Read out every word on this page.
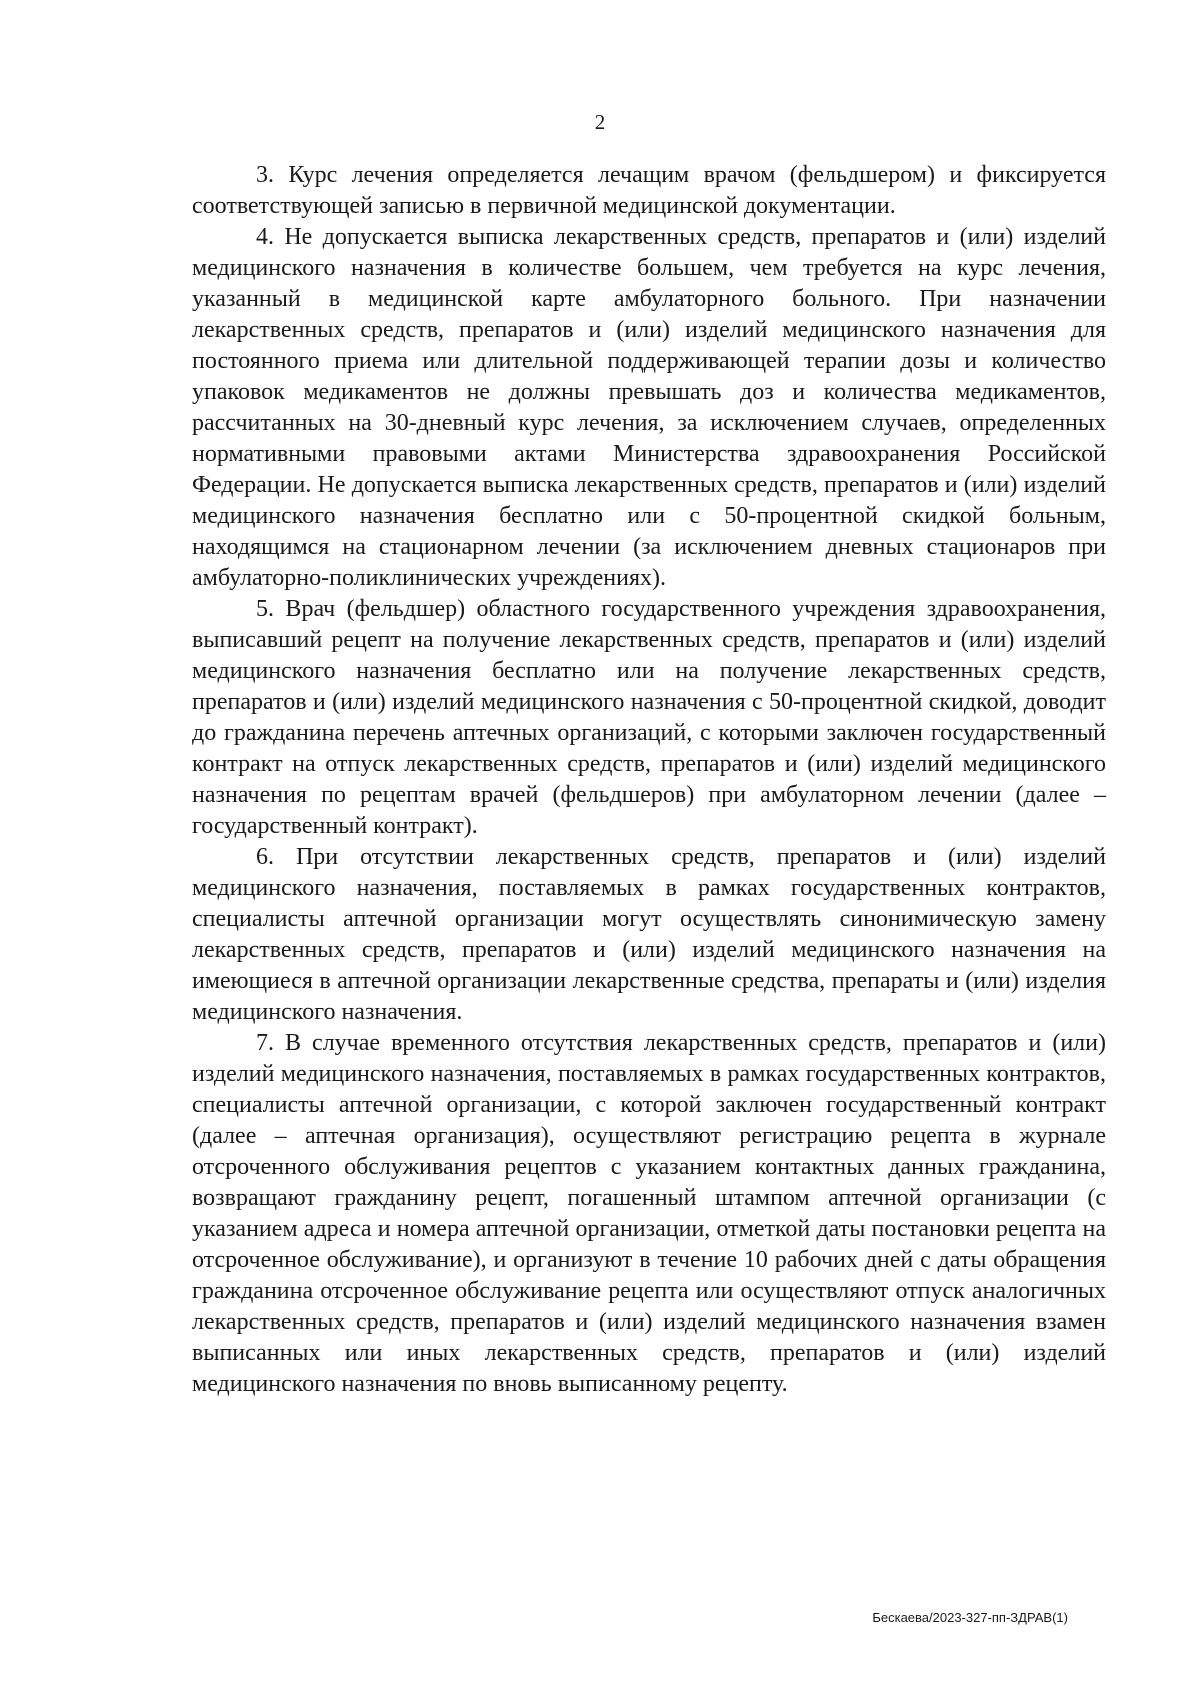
2

3. Курс лечения определяется лечащим врачом (фельдшером) и фиксируется соответствующей записью в первичной медицинской документации.

4. Не допускается выписка лекарственных средств, препаратов и (или) изделий медицинского назначения в количестве большем, чем требуется на курс лечения, указанный в медицинской карте амбулаторного больного. При назначении лекарственных средств, препаратов и (или) изделий медицинского назначения для постоянного приема или длительной поддерживающей терапии дозы и количество упаковок медикаментов не должны превышать доз и количества медикаментов, рассчитанных на 30-дневный курс лечения, за исключением случаев, определенных нормативными правовыми актами Министерства здравоохранения Российской Федерации. Не допускается выписка лекарственных средств, препаратов и (или) изделий медицинского назначения бесплатно или с 50-процентной скидкой больным, находящимся на стационарном лечении (за исключением дневных стационаров при амбулаторно-поликлинических учреждениях).

5. Врач (фельдшер) областного государственного учреждения здравоохранения, выписавший рецепт на получение лекарственных средств, препаратов и (или) изделий медицинского назначения бесплатно или на получение лекарственных средств, препаратов и (или) изделий медицинского назначения с 50-процентной скидкой, доводит до гражданина перечень аптечных организаций, с которыми заключен государственный контракт на отпуск лекарственных средств, препаратов и (или) изделий медицинского назначения по рецептам врачей (фельдшеров) при амбулаторном лечении (далее – государственный контракт).

6. При отсутствии лекарственных средств, препаратов и (или) изделий медицинского назначения, поставляемых в рамках государственных контрактов, специалисты аптечной организации могут осуществлять синонимическую замену лекарственных средств, препаратов и (или) изделий медицинского назначения на имеющиеся в аптечной организации лекарственные средства, препараты и (или) изделия медицинского назначения.

7. В случае временного отсутствия лекарственных средств, препаратов и (или) изделий медицинского назначения, поставляемых в рамках государственных контрактов, специалисты аптечной организации, с которой заключен государственный контракт (далее – аптечная организация), осуществляют регистрацию рецепта в журнале отсроченного обслуживания рецептов с указанием контактных данных гражданина, возвращают гражданину рецепт, погашенный штампом аптечной организации (с указанием адреса и номера аптечной организации, отметкой даты постановки рецепта на отсроченное обслуживание), и организуют в течение 10 рабочих дней с даты обращения гражданина отсроченное обслуживание рецепта или осуществляют отпуск аналогичных лекарственных средств, препаратов и (или) изделий медицинского назначения взамен выписанных или иных лекарственных средств, препаратов и (или) изделий медицинского назначения по вновь выписанному рецепту.

Бескаева/2023-327-пп-ЗДРАВ(1)
